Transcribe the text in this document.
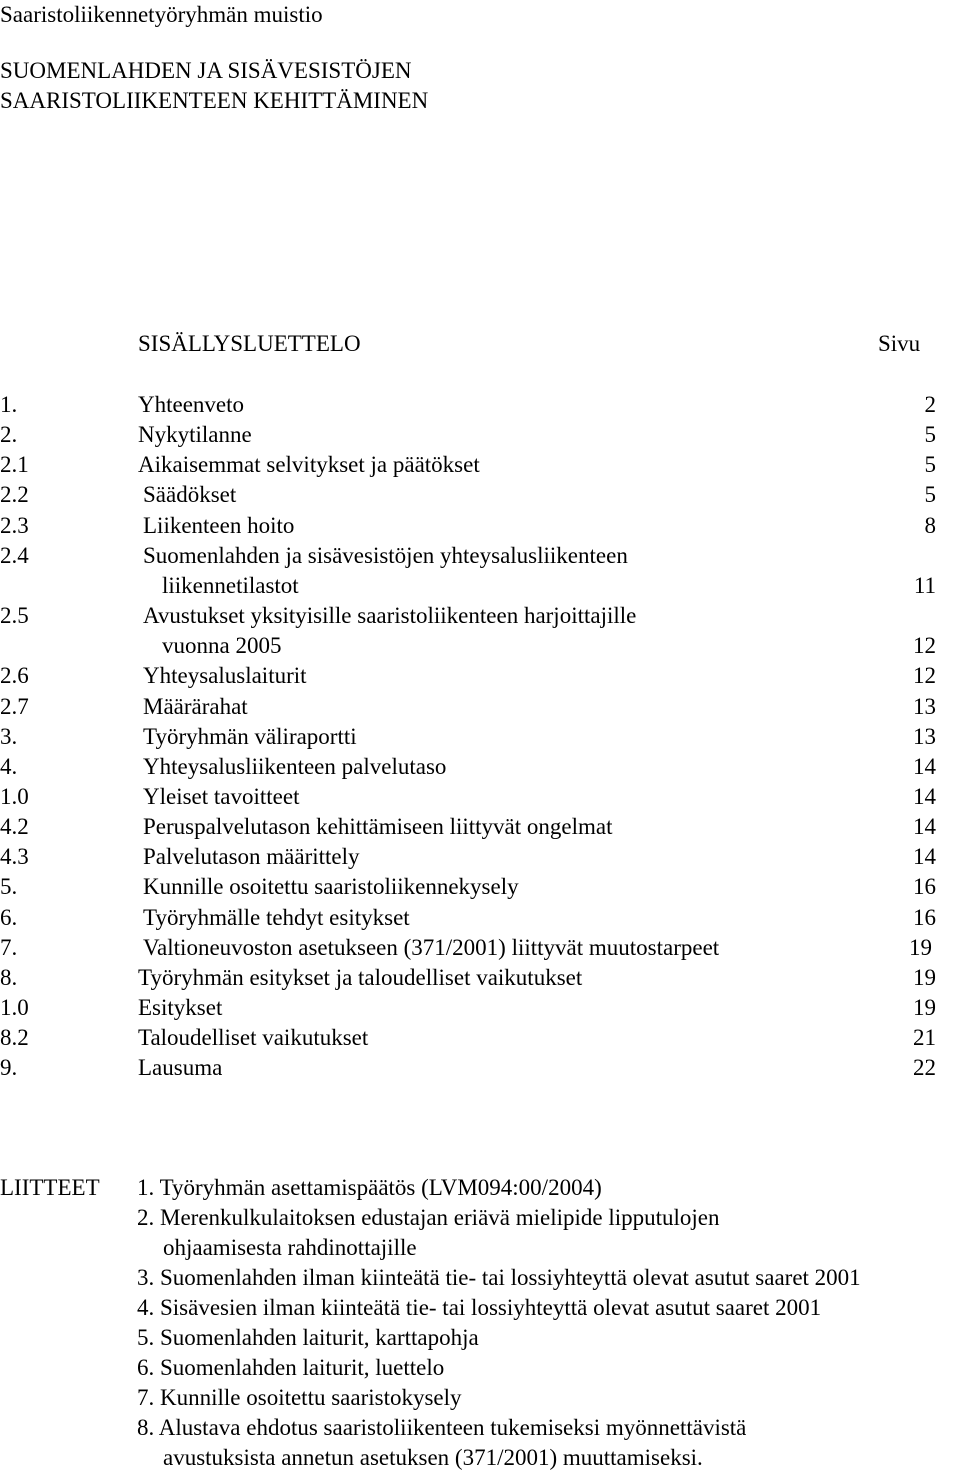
Saaristoliikennetyöryhmän muistio
SUOMENLAHDEN JA SISÄVESISTÖJEN
SAARISTOLIIKENTEEN KEHITTÄMINEN
SISÄLLYSLUETTELO	Sivu
1.	Yhteenveto	2
2.	Nykytilanne	5
2.1	Aikaisemmat selvitykset ja päätökset	5
2.2	Säädökset	5
2.3	Liikenteen hoito	8
2.4	Suomenlahden ja sisävesistöjen yhteysalusliikenteen
liikennetilastot	11
2.5	Avustukset yksityisille saaristoliikenteen harjoittajille
vuonna 2005	12
2.6	Yhteysaluslaiturit	12
2.7	Määrärahat	13
3.	Työryhmän väliraportti	13
4.	Yhteysalusliikenteen palvelutaso	14
1.0	Yleiset tavoitteet	14
4.2	Peruspalvelutason kehittämiseen liittyvät ongelmat	14
4.3	Palvelutason määrittely	14
5.	Kunnille osoitettu saaristoliikennekysely	16
6.	Työryhmälle tehdyt esitykset	16
7.	Valtioneuvoston asetukseen (371/2001) liittyvät muutostarpeet	19
8.	Työryhmän esitykset ja taloudelliset vaikutukset	19
1.0	Esitykset	19
8.2	Taloudelliset vaikutukset	21
9.	Lausuma	22
LIITTEET 1. Työryhmän asettamispäätös (LVM094:00/2004)
2. Merenkulkulaitoksen edustajan eriävä mielipide lipputulojen
ohjaamisesta rahdinottajille
3. Suomenlahden ilman kiinteätä tie- tai lossiyhteyttä olevat asutut saaret 2001
4. Sisävesien ilman kiinteätä tie- tai lossiyhteyttä olevat asutut saaret 2001
5. Suomenlahden laiturit, karttapohja
6. Suomenlahden laiturit, luettelo
7. Kunnille osoitettu saaristokysely
8. Alustava ehdotus saaristoliikenteen tukemiseksi myönnettävistä
avustuksista annetun asetuksen (371/2001) muuttamiseksi.
